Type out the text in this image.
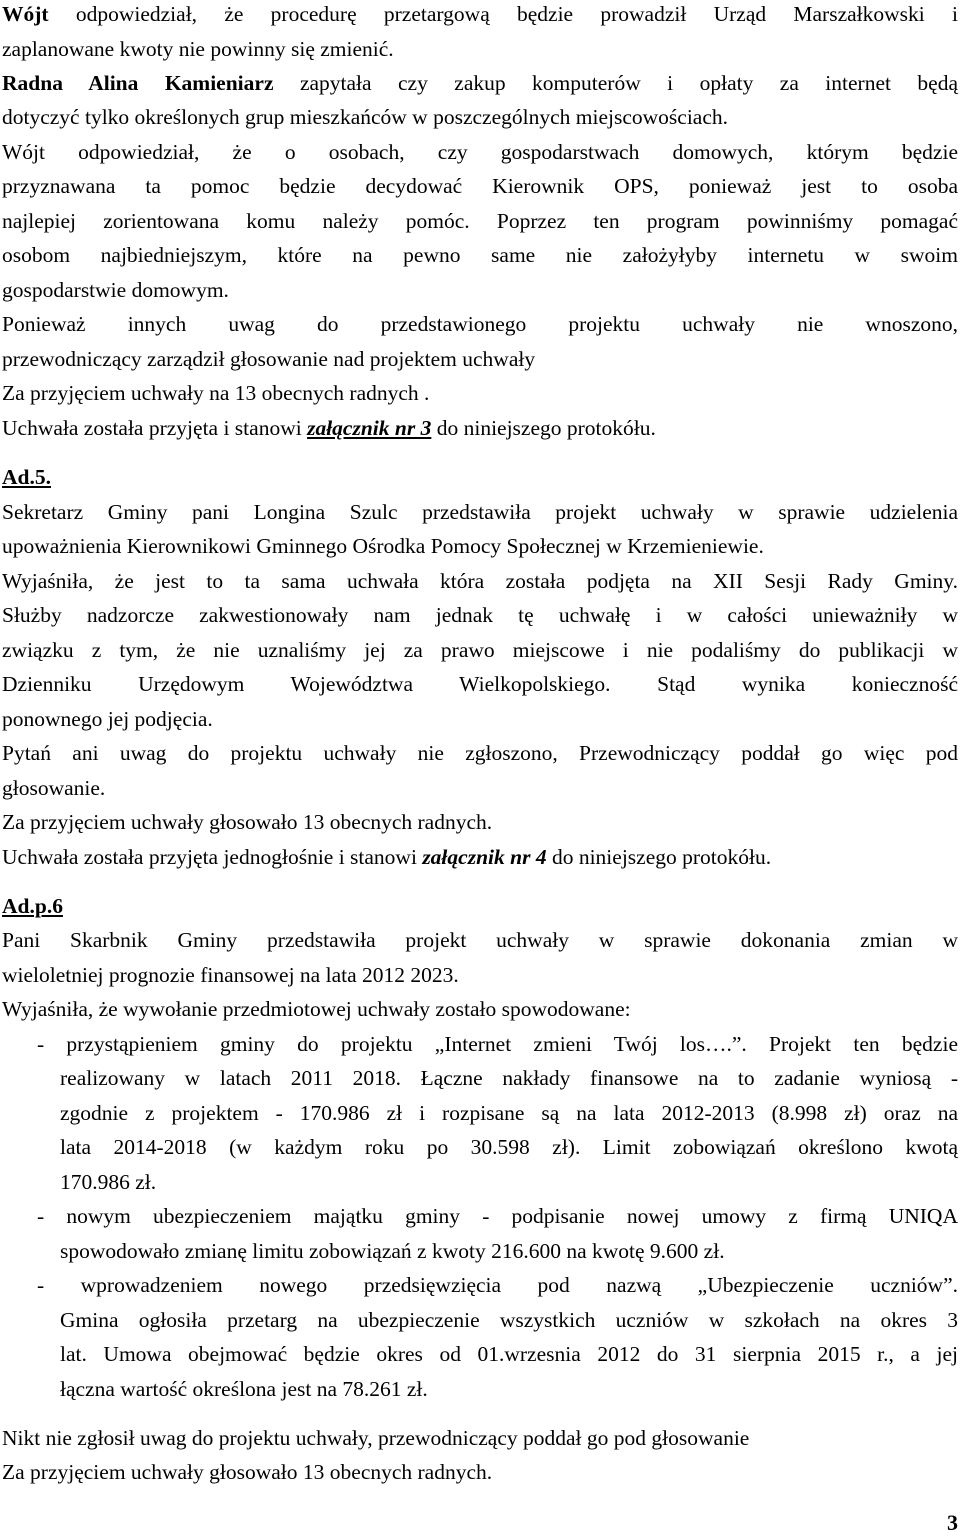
Wójt odpowiedział, że procedurę przetargową będzie prowadził Urząd Marszałkowski i
zaplanowane kwoty nie powinny się zmienić.
Radna Alina Kamieniarz zapytała czy zakup komputerów i opłaty za internet będą
dotyczyć tylko określonych grup mieszkańców w poszczególnych miejscowościach.
Wójt odpowiedział, że o osobach, czy gospodarstwach domowych, którym będzie
przyznawana ta pomoc będzie decydować Kierownik OPS, ponieważ jest to osoba
najlepiej zorientowana komu należy pomóc. Poprzez ten program powinniśmy pomagać
osobom najbiedniejszym, które na pewno same nie założyłyby internetu w swoim
gospodarstwie domowym.
Ponieważ innych uwag do przedstawionego projektu uchwały nie wnoszono,
przewodniczący zarządził głosowanie nad projektem uchwały
Za przyjęciem uchwały na 13 obecnych radnych .
Uchwała została przyjęta i stanowi załącznik nr 3 do niniejszego protokółu.
Ad.5.
Sekretarz Gminy pani Longina Szulc przedstawiła projekt uchwały w sprawie udzielenia
upoważnienia Kierownikowi Gminnego Ośrodka Pomocy Społecznej w Krzemieniewie.
Wyjaśniła, że jest to ta sama uchwała która została podjęta na XII Sesji Rady Gminy.
Służby nadzorcze zakwestionowały nam jednak tę uchwałę i w całości unieważniły w
związku z tym, że nie uznaliśmy jej za prawo miejscowe i nie podaliśmy do publikacji w
Dzienniku Urzędowym Województwa Wielkopolskiego. Stąd wynika konieczność
ponownego jej podjęcia.
Pytań ani uwag do projektu uchwały nie zgłoszono, Przewodniczący poddał go więc pod
głosowanie.
Za przyjęciem uchwały głosowało 13 obecnych radnych.
Uchwała została przyjęta jednogłośnie i stanowi załącznik nr 4 do niniejszego protokółu.
Ad.p.6
Pani Skarbnik Gminy przedstawiła projekt uchwały w sprawie dokonania zmian w
wieloletniej prognozie finansowej na lata 2012 2023.
Wyjaśniła, że wywołanie przedmiotowej uchwały zostało spowodowane:
- przystąpieniem gminy do projektu „Internet zmieni Twój los….”. Projekt ten będzie
realizowany w latach 2011 2018. Łączne nakłady finansowe na to zadanie wyniosą -
zgodnie z projektem - 170.986 zł i rozpisane są na lata 2012-2013 (8.998 zł) oraz na
lata 2014-2018 (w każdym roku po 30.598 zł). Limit zobowiązań określono kwotą
170.986 zł.
- nowym ubezpieczeniem majątku gminy - podpisanie nowej umowy z firmą UNIQA
spowodowało zmianę limitu zobowiązań z kwoty 216.600 na kwotę 9.600 zł.
- wprowadzeniem nowego przedsięwzięcia pod nazwą „Ubezpieczenie uczniów”.
Gmina ogłosiła przetarg na ubezpieczenie wszystkich uczniów w szkołach na okres 3
lat. Umowa obejmować będzie okres od 01.wrzesnia 2012 do 31 sierpnia 2015 r., a jej
łączna wartość określona jest na 78.261 zł.
Nikt nie zgłosił uwag do projektu uchwały, przewodniczący poddał go pod głosowanie
Za przyjęciem uchwały głosowało 13 obecnych radnych.
3
